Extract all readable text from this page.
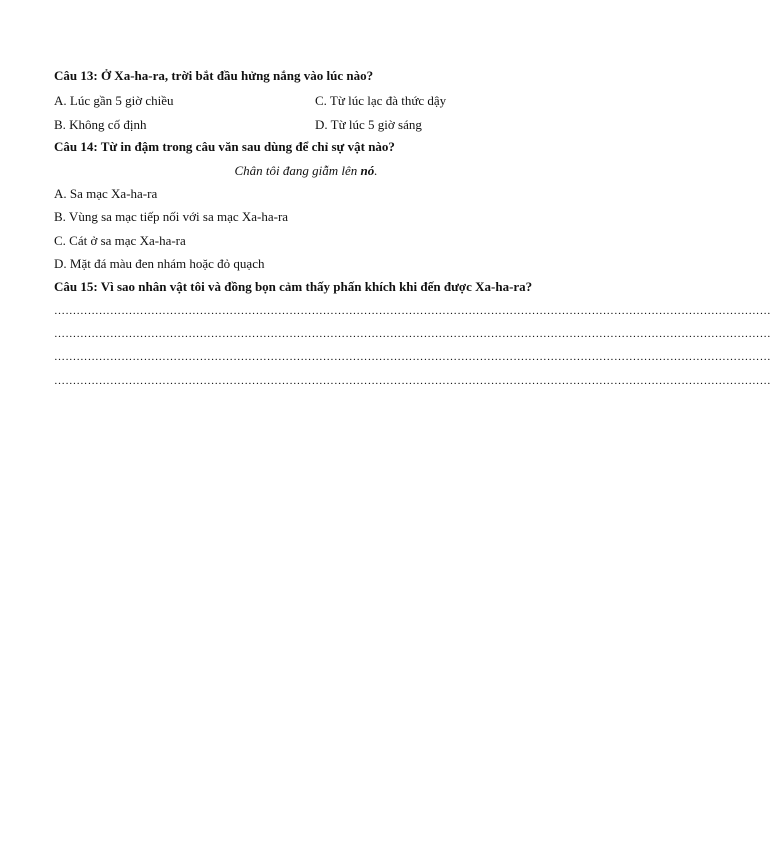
Câu 13: Ở Xa-ha-ra, trời bắt đầu hửng nắng vào lúc nào?
A. Lúc gần 5 giờ chiều	C. Từ lúc lạc đà thức dậy
B. Không cố định	D. Từ lúc 5 giờ sáng
Câu 14: Từ in đậm trong câu văn sau dùng để chỉ sự vật nào?
Chân tôi đang giẫm lên nó.
A. Sa mạc Xa-ha-ra
B. Vùng sa mạc tiếp nối với sa mạc Xa-ha-ra
C. Cát ở sa mạc Xa-ha-ra
D. Mặt đá màu đen nhám hoặc đỏ quạch
Câu 15: Vì sao nhân vật tôi và đồng bọn cảm thấy phấn khích khi đến được Xa-ha-ra?
…………………………………………………………………………………………………………………………………………………………………………
…………………………………………………………………………………………………………………………………………………………………………
…………………………………………………………………………………………………………………………………………………………………………
…………………………………………………………………………………………………………………………………………………………………………
